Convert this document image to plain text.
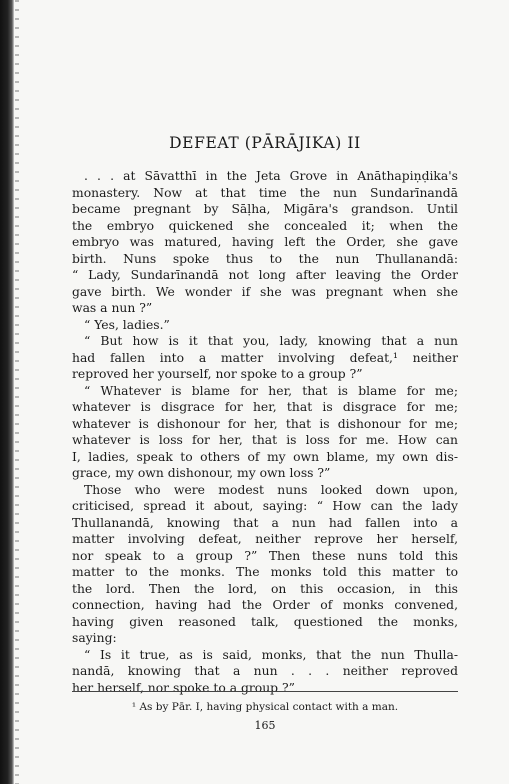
DEFEAT (PĀRĀJIKA) II
. . . at Sāvatthī in the Jeta Grove in Anāthapiṇḍika's
monastery. Now at that time the nun Sundarīnandā
became pregnant by Sāḷha, Migāra's grandson. Until
the embryo quickened she concealed it; when the
embryo was matured, having left the Order, she gave
birth. Nuns spoke thus to the nun Thullanandā:
“ Lady, Sundarīnandā not long after leaving the Order
gave birth. We wonder if she was pregnant when she
was a nun ?”
“ Yes, ladies.”
“ But how is it that you, lady, knowing that a nun
had fallen into a matter involving defeat,¹ neither
reproved her yourself, nor spoke to a group ?”
“ Whatever is blame for her, that is blame for me;
whatever is disgrace for her, that is disgrace for me;
whatever is dishonour for her, that is dishonour for me;
whatever is loss for her, that is loss for me. How can
I, ladies, speak to others of my own blame, my own dis-
grace, my own dishonour, my own loss ?”
Those who were modest nuns looked down upon,
criticised, spread it about, saying: “ How can the lady
Thullanandā, knowing that a nun had fallen into a
matter involving defeat, neither reprove her herself,
nor speak to a group ?” Then these nuns told this
matter to the monks. The monks told this matter to
the lord. Then the lord, on this occasion, in this
connection, having had the Order of monks convened,
having given reasoned talk, questioned the monks,
saying:
“ Is it true, as is said, monks, that the nun Thulla-
nandā, knowing that a nun . . . neither reproved
her herself, nor spoke to a group ?”
¹ As by Pār. I, having physical contact with a man.
165
